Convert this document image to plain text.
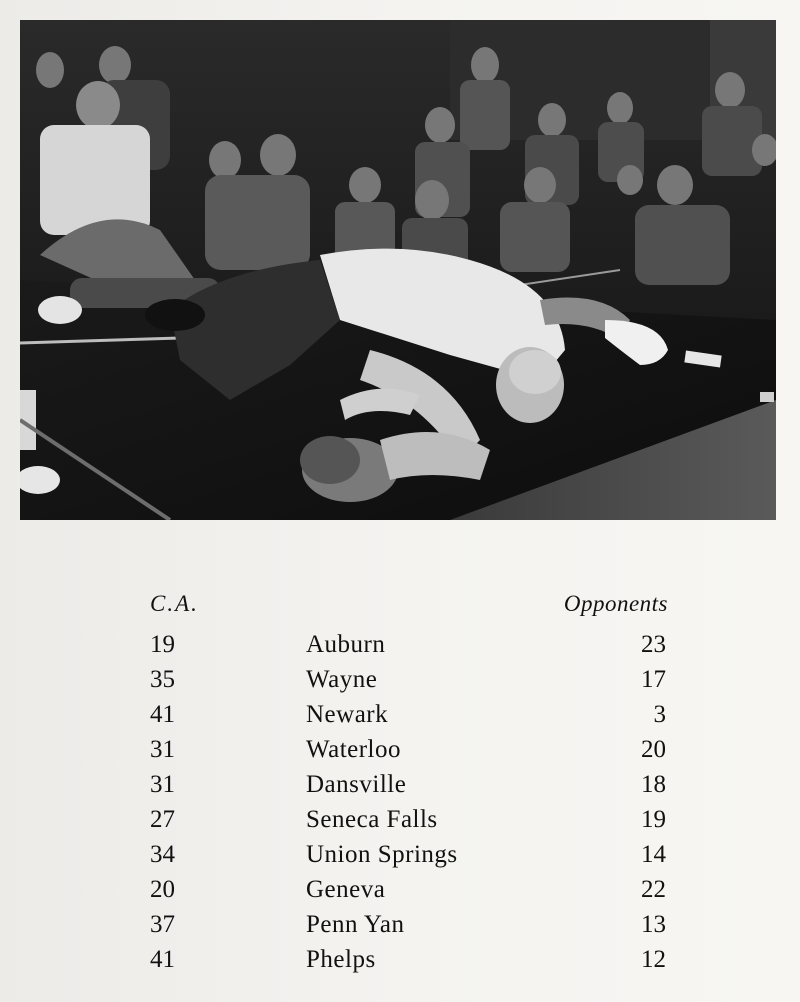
C.A.	Opponents
19	Auburn	23
35	Wayne	17
41	Newark	3
31	Waterloo	20
31	Dansville	18
27	Seneca Falls	19
34	Union Springs	14
20	Geneva	22
37	Penn Yan	13
41	Phelps	12
